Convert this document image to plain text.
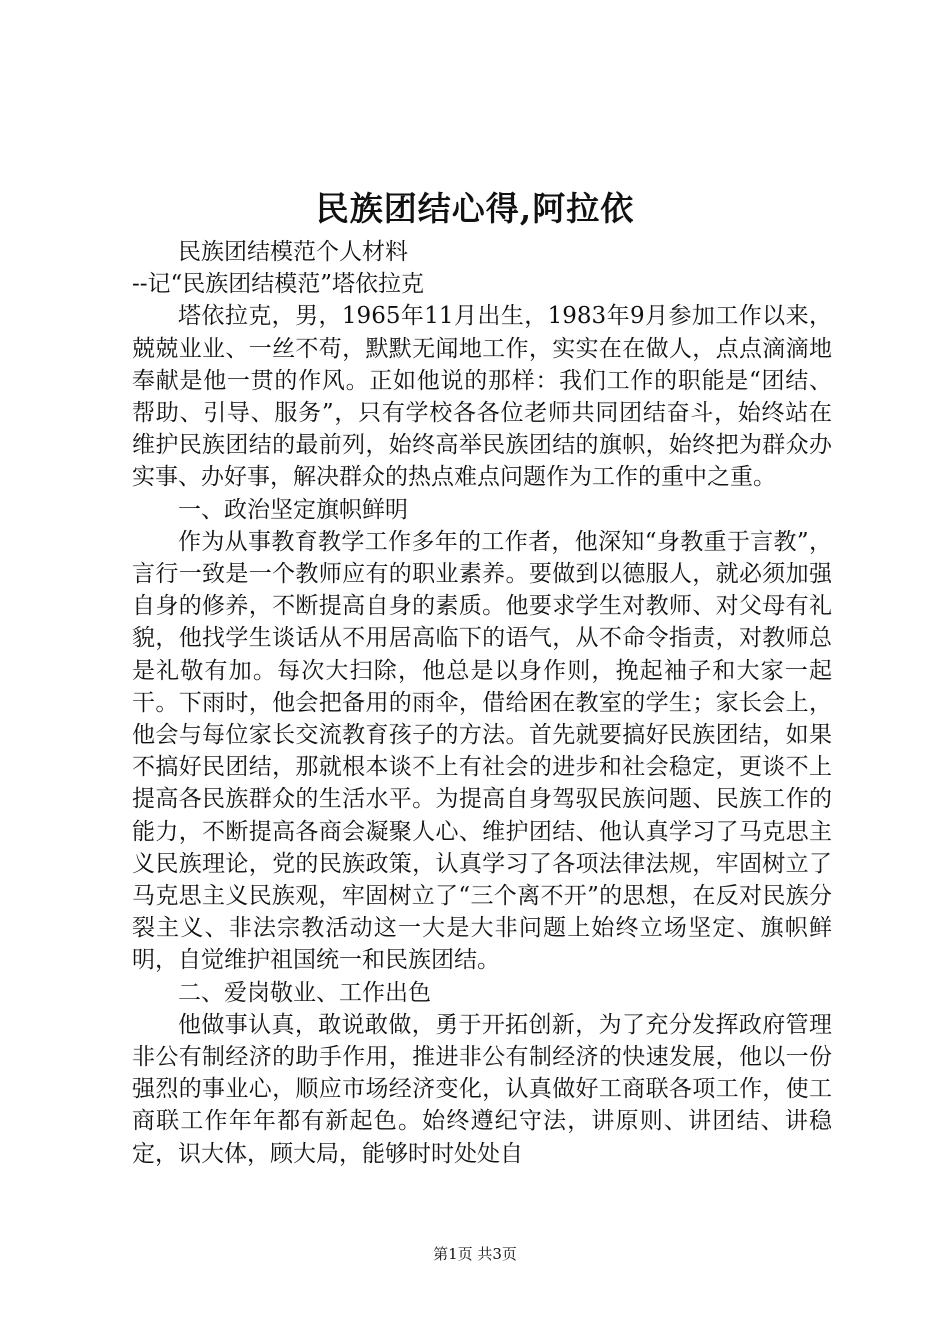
民族团结心得,阿拉依

民族团结模范个人材料

--记“民族团结模范”塔依拉克

塔依拉克，男，1965年11月出生，1983年9月参加工作以来，兢兢业业、一丝不苟，默默无闻地工作，实实在在做人，点点滴滴地奉献是他一贯的作风。正如他说的那样：我们工作的职能是“团结、帮助、引导、服务”，只有学校各各位老师共同团结奋斗，始终站在维护民族团结的最前列，始终高举民族团结的旗帜，始终把为群众办实事、办好事，解决群众的热点难点问题作为工作的重中之重。

一、政治坚定旗帜鲜明

作为从事教育教学工作多年的工作者，他深知“身教重于言教”，言行一致是一个教师应有的职业素养。要做到以德服人，就必须加强自身的修养，不断提高自身的素质。他要求学生对教师、对父母有礼貌，他找学生谈话从不用居高临下的语气，从不命令指责，对教师总是礼敬有加。每次大扫除，他总是以身作则，挽起袖子和大家一起干。下雨时，他会把备用的雨伞，借给困在教室的学生；家长会上，他会与每位家长交流教育孩子的方法。首先就要搞好民族团结，如果不搞好民团结，那就根本谈不上有社会的进步和社会稳定，更谈不上提高各民族群众的生活水平。为提高自身驾驭民族问题、民族工作的能力，不断提高各商会凝聚人心、维护团结、他认真学习了马克思主义民族理论，党的民族政策，认真学习了各项法律法规，牢固树立了马克思主义民族观，牢固树立了“三个离不开”的思想，在反对民族分裂主义、非法宗教活动这一大是大非问题上始终立场坚定、旗帜鲜明，自觉维护祖国统一和民族团结。

二、爱岗敬业、工作出色

他做事认真，敢说敢做，勇于开拓创新，为了充分发挥政府管理非公有制经济的助手作用，推进非公有制经济的快速发展，他以一份强烈的事业心，顺应市场经济变化，认真做好工商联各项工作，使工商联工作年年都有新起色。始终遵纪守法，讲原则、讲团结、讲稳定，识大体，顾大局，能够时时处处自

第1页 共3页
